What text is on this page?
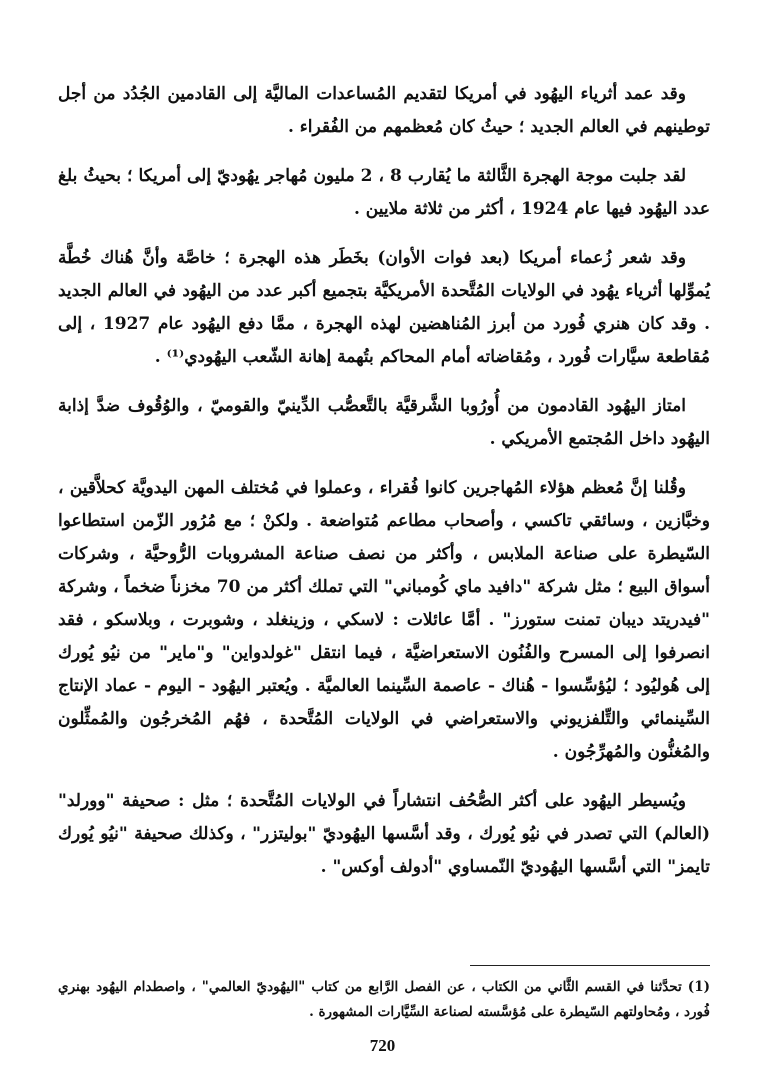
وقد عمد أثرياء اليهُود في أمريكا لتقديم المُساعدات الماليَّة إلى القادمين الجُدُد من أجل توطينهم في العالم الجديد ؛ حيثُ كان مُعظمهم من الفُقراء .

لقد جلبت موجة الهجرة الثَّالثة ما يُقارب 8 ، 2 مليون مُهاجر يهُوديّ إلى أمريكا ؛ بحيثُ بلغ عدد اليهُود فيها عام 1924 ، أكثر من ثلاثة ملايين .

وقد شعر زُعماء أمريكا (بعد فوات الأوان) بخَطَر هذه الهجرة ؛ خاصَّة وأنَّ هُناك خُطَّة يُموِّلها أثرياء يهُود في الولايات المُتَّحدة الأمريكيَّة بتجميع أكبر عدد من اليهُود في العالم الجديد . وقد كان هنري فُورد من أبرز المُناهضين لهذه الهجرة ، ممَّا دفع اليهُود عام 1927 ، إلى مُقاطعة سيَّارات فُورد ، ومُقاضاته أمام المحاكم بتُهمة إهانة الشّعب اليهُودي⁽¹⁾ .

امتاز اليهُود القادمون من أُورُوبا الشَّرقيَّة بالتَّعصُّب الدِّينيّ والقوميّ ، والوُقُوف ضدَّ إذابة اليهُود داخل المُجتمع الأمريكي .

وقُلنا إنَّ مُعظم هؤلاء المُهاجرين كانوا فُقراء ، وعملوا في مُختلف المهن اليدويَّة كحلاَّقين ، وخبَّازين ، وسائقي تاكسي ، وأصحاب مطاعم مُتواضعة . ولكنْ ؛ مع مُرُور الزّمن استطاعوا السّيطرة على صناعة الملابس ، وأكثر من نصف صناعة المشروبات الرُّوحيَّة ، وشركات أسواق البيع ؛ مثل شركة "دافيد ماي كُومباني" التي تملك أكثر من 70 مخزناً ضخماً ، وشركة "فيدريتد ديبان تمنت ستورز" . أمَّا عائلات : لاسكي ، وزينغلد ، وشوبرت ، وبلاسكو ، فقد انصرفوا إلى المسرح والفُنُون الاستعراضيَّة ، فيما انتقل "غولدواين" و"ماير" من نيُو يُورك إلى هُوليُود ؛ ليُؤسِّسوا - هُناك - عاصمة السِّينما العالميَّة . ويُعتبر اليهُود - اليوم - عماد الإنتاج السِّينمائي والتِّلفزيوني والاستعراضي في الولايات المُتَّحدة ، فهُم المُخرجُون والمُمثِّلون والمُغنُّون والمُهرِّجُون .

ويُسيطر اليهُود على أكثر الصُّحُف انتشاراً في الولايات المُتَّحدة ؛ مثل : صحيفة "وورلد" (العالم) التي تصدر في نيُو يُورك ، وقد أسَّسها اليهُوديّ "بوليتزر" ، وكذلك صحيفة "نيُو يُورك تايمز" التي أسَّسها اليهُوديّ النّمساوي "أدولف أوكس" .

(1) تحدَّثنا في القسم الثَّاني من الكتاب ، عن الفصل الرَّابع من كتاب "اليهُوديّ العالمي" ، واصطدام اليهُود بهنري فُورد ، ومُحاولتهم السّيطرة على مُؤسَّسته لصناعة السِّيَّارات المشهورة .
720
